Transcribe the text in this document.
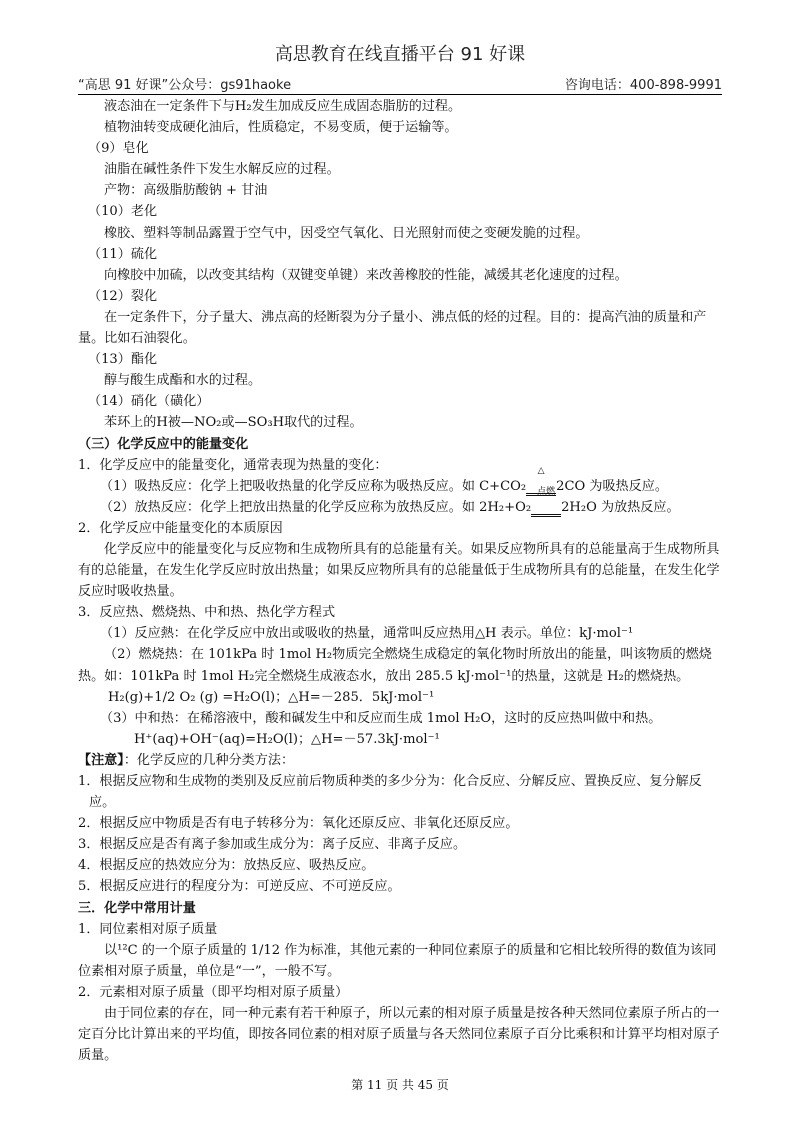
高思教育在线直播平台 91 好课
“高思 91 好课”公众号：gs91haoke	咨询电话：400-898-9991

液态油在一定条件下与H₂发生加成反应生成固态脂肪的过程。

植物油转变成硬化油后，性质稳定，不易变质，便于运输等。

（9）皂化

油脂在碱性条件下发生水解反应的过程。

产物：高级脂肪酸钠 + 甘油

（10）老化

橡胶、塑料等制品露置于空气中，因受空气氧化、日光照射而使之变硬发脆的过程。

（11）硫化

向橡胶中加硫，以改变其结构（双键变单键）来改善橡胶的性能，减缓其老化速度的过程。

（12）裂化

在一定条件下，分子量大、沸点高的烃断裂为分子量小、沸点低的烃的过程。目的：提高汽油的质量和产量。比如石油裂化。

（13）酯化

醇与酸生成酯和水的过程。

（14）硝化（磺化）

苯环上的H被—NO₂或—SO₃H取代的过程。

（三）化学反应中的能量变化

1．化学反应中的能量变化，通常表现为热量的变化：

（1）吸热反应：化学上把吸收热量的化学反应称为吸热反应。如 C+CO₂
△
2CO 为吸热反应。

（2）放热反应：化学上把放出热量的化学反应称为放热反应。如 2H₂+O₂
点燃
2H₂O 为放热反应。

2．化学反应中能量变化的本质原因

化学反应中的能量变化与反应物和生成物所具有的总能量有关。如果反应物所具有的总能量高于生成物所具有的总能量，在发生化学反应时放出热量；如果反应物所具有的总能量低于生成物所具有的总能量，在发生化学反应时吸收热量。

3．反应热、燃烧热、中和热、热化学方程式

（1）反应熱：在化学反应中放出或吸收的热量，通常叫反应热用△H 表示。单位：kJ·mol⁻¹

（2）燃烧热：在 101kPa 时 1mol H₂物质完全燃烧生成稳定的氧化物时所放出的能量，叫该物质的燃烧热。如：101kPa 时 1mol H₂完全燃烧生成液态水，放出 285.5 kJ·mol⁻¹的热量，这就是 H₂的燃烧热。

H₂(g)+1/2 O₂ (g) =H₂O(l)；△H=－285．5kJ·mol⁻¹

（3）中和热：在稀溶液中，酸和碱发生中和反应而生成 1mol H₂O，这时的反应热叫做中和热。

H⁺(aq)+OH⁻(aq)=H₂O(l)；△H=－57.3kJ·mol⁻¹

【注意】：化学反应的几种分类方法：

1．根据反应物和生成物的类别及反应前后物质种类的多少分为：化合反应、分解反应、置换反应、复分解反应。

2．根据反应中物质是否有电子转移分为：氧化还原反应、非氧化还原反应。

3．根据反应是否有离子参加或生成分为：离子反应、非离子反应。

4．根据反应的热效应分为：放热反应、吸热反应。

5．根据反应进行的程度分为：可逆反应、不可逆反应。

三．化学中常用计量

1．同位素相对原子质量

以¹²C 的一个原子质量的 1/12 作为标准，其他元素的一种同位素原子的质量和它相比较所得的数值为该同位素相对原子质量，单位是“一”，一般不写。

2．元素相对原子质量（即平均相对原子质量）

由于同位素的存在，同一种元素有若干种原子，所以元素的相对原子质量是按各种天然同位素原子所占的一定百分比计算出来的平均值，即按各同位素的相对原子质量与各天然同位素原子百分比乘积和计算平均相对原子质量。

第 11 页 共 45 页
